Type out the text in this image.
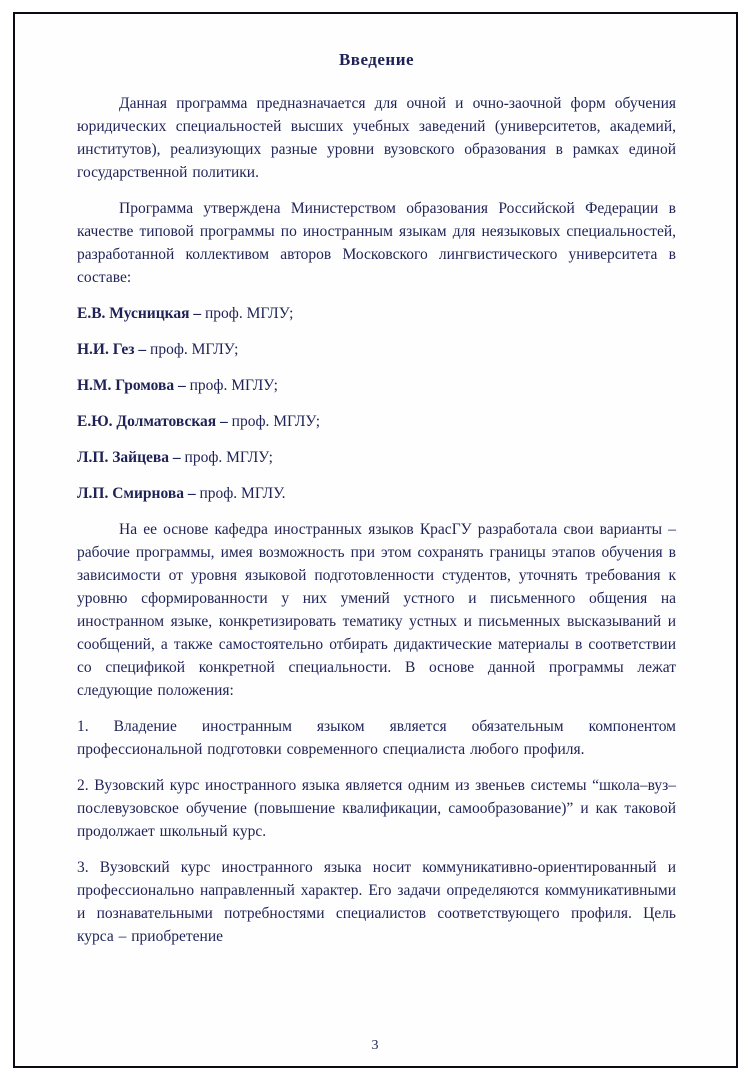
Введение

Данная программа предназначается для очной и очно-заочной форм обучения юридических специальностей высших учебных заведений (университетов, академий, институтов), реализующих разные уровни вузовского образования в рамках единой государственной политики.

Программа утверждена Министерством образования Российской Федерации в качестве типовой программы по иностранным языкам для неязыковых специальностей, разработанной коллективом авторов Московского лингвистического университета в составе:

Е.В. Мусницкая – проф. МГЛУ;

Н.И. Гез – проф. МГЛУ;

Н.М. Громова – проф. МГЛУ;

Е.Ю. Долматовская – проф. МГЛУ;

Л.П. Зайцева – проф. МГЛУ;

Л.П. Смирнова – проф. МГЛУ.

На ее основе кафедра иностранных языков КрасГУ разработала свои варианты – рабочие программы, имея возможность при этом сохранять границы этапов обучения в зависимости от уровня языковой подготовленности студентов, уточнять требования к уровню сформированности у них умений устного и письменного общения на иностранном языке, конкретизировать тематику устных и письменных высказываний и сообщений, а также самостоятельно отбирать дидактические материалы в соответствии со спецификой конкретной специальности. В основе данной программы лежат следующие положения:

1. Владение иностранным языком является обязательным компонентом профессиональной подготовки современного специалиста любого профиля.

2. Вузовский курс иностранного языка является одним из звеньев системы “школа–вуз–послевузовское обучение (повышение квалификации, самообразование)” и как таковой продолжает школьный курс.

3. Вузовский курс иностранного языка носит коммуникативно-ориентированный и профессионально направленный характер. Его задачи определяются коммуникативными и познавательными потребностями специалистов соответствующего профиля. Цель курса – приобретение

3
